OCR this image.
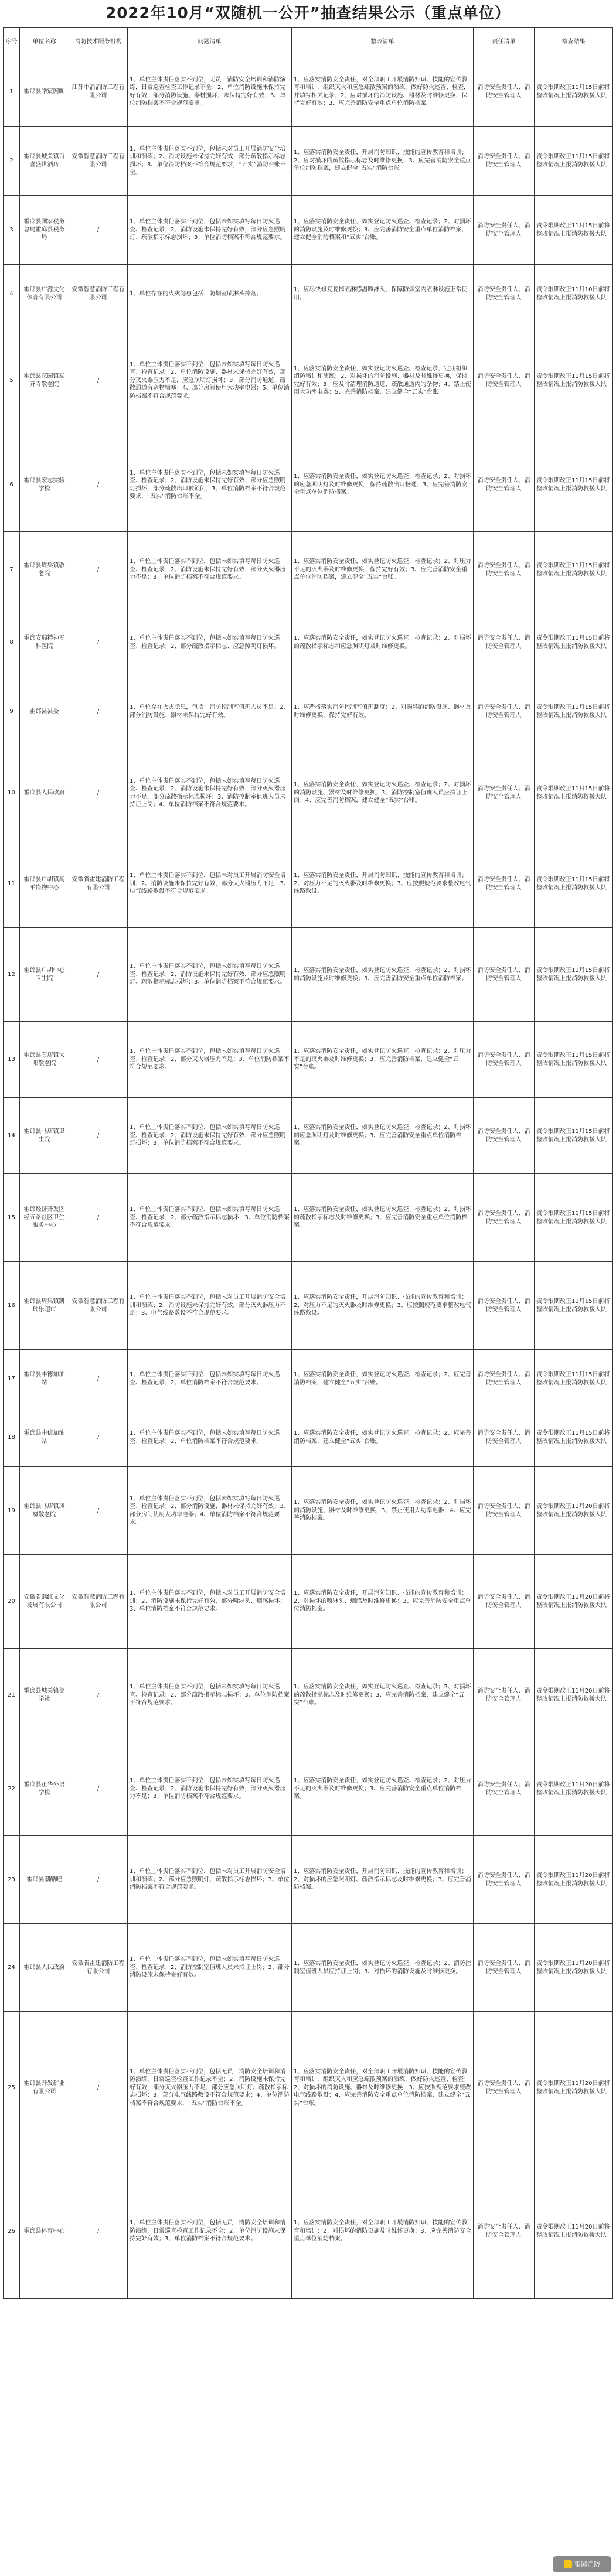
2022年10月“双随机一公开”抽查结果公示（重点单位）
序号	单位名称	消防技术服务机构	问题清单	整改清单	责任清单	检查结果
1	霍邱县皓宸网咖	江苏中消消防工程有限公司	1、单位主体责任落实不到位，无员工消防安全培训和消防演练，日常巡查检查工作记录不全；2、单位消防设施未保持完好有效，部分消防设施、器材损坏，未保持完好有效；3、单位消防档案不符合规范要求。	1、应落实消防安全责任，对全部职工开展消防知识、技能的宣传教育和培训，组织灭火和应急疏散预案的演练，做好防火巡查、检查，并填写相关记录；2、应对损坏的消防设施、器材及时维修更换，保持完好有效；3、应完善消防安全重点单位消防档案。	消防安全责任人、消防安全管理人	责令限期改正11月15日前将整改情况上报消防救援大队
2	霍邱县城关镇百壹盛世酒店	安徽智慧消防工程有限公司	1、单位主体责任落实不到位，包括未对员工开展消防安全培训和演练；2、消防设施未保持完好有效，部分疏散指示标志损坏；3、单位消防档案不符合规范要求，“五实”消防台账不全。	1、应落实消防安全责任，开展消防知识、技能的宣传教育和培训；2、应对损坏的疏散指示标志及时维修更换；3、应完善消防安全重点单位消防档案，建立健全“五实”消防台账。	消防安全责任人、消防安全管理人	责令限期改正11月15日前将整改情况上报消防救援大队
3	霍邱县国家税务总局霍邱县税务局	/	1、单位主体责任落实不到位，包括未如实填写每日防火巡查、检查记录；2、消防设施未保持完好有效，部分应急照明灯、疏散指示标志损坏；3、单位消防档案不符合规范要求。	1、应落实消防安全责任，如实登记防火巡查、检查记录；2、对损坏的消防设施及时维修更换；3、应完善消防安全重点单位消防档案，建立健全消防档案和“五实”台账。	消防安全责任人、消防安全管理人	责令限期改正11月15日前将整改情况上报消防救援大队
4	霍邱县广源文化体育有限公司	安徽智慧消防工程有限公司	1、单位存在的火灾隐患包括，防烟室喷淋头掉落。	1、应尽快修复脱掉喷淋感温喷淋头，保障防烟室内喷淋设施正常使用。	消防安全责任人、消防安全管理人	责令限期改正11月10日前将整改情况上报消防救援大队
5	霍邱县花园镇高齐寺敬老院	/	1、单位主体责任落实不到位，包括未如实填写每日防火巡查、检查记录；2、单位消防设施、器材未保持完好有效，部分灭火器压力不足，应急照明灯损坏；3、部分消防通道、疏散通道有杂物堵塞；4、部分房间使用大功率电器；5、单位消防档案不符合规范要求。	1、应落实消防安全责任，如实登记防火巡查、检查记录，定期组织消防培训和演练；2、对损坏的消防设施、器材及时维修更换，保持完好有效；3、应及时清理消防通道、疏散通道内的杂物；4、禁止使用大功率电器；5、完善消防档案，建立健全“五实”台账。	消防安全责任人、消防安全管理人	责令限期改正11月15日前将整改情况上报消防救援大队
6	霍邱县宏志实验学校	/	1、单位主体责任落实不到位，包括未如实填写每日防火巡查、检查记录；2、消防设施未保持完好有效，部分应急照明灯损坏，部分疏散出口被锁闭；3、单位消防档案不符合规范要求，“五实”消防台账不全。	1、应落实消防安全责任，如实登记防火巡查、检查记录；2、对损坏的应急照明灯及时维修更换，保持疏散出口畅通；3、应完善消防安全重点单位消防档案。	消防安全责任人、消防安全管理人	责令限期改正11月15日前将整改情况上报消防救援大队
7	霍邱县周集镇敬老院	/	1、单位主体责任落实不到位，包括未如实填写每日防火巡查、检查记录；2、消防设施未保持完好有效，部分灭火器压力不足；3、单位消防档案不符合规范要求。	1、应落实消防安全责任，如实登记防火巡查、检查记录；2、对压力不足的灭火器及时维修更换，保持完好有效；3、应完善消防安全重点单位消防档案，建立健全“五实”台账。	消防安全责任人、消防安全管理人	责令限期改正11月15日前将整改情况上报消防救援大队
8	霍邱安瑞精神专科医院	/	1、单位主体责任落实不到位，包括未如实填写每日防火巡查、检查记录；2、部分疏散指示标志、应急照明灯损坏。	1、应落实消防安全责任，如实登记防火巡查、检查记录；2、对损坏的疏散指示标志和应急照明灯及时维修更换。	消防安全责任人、消防安全管理人	责令限期改正11月15日前将整改情况上报消防救援大队
9	霍邱县县委	/	1、单位存在火灾隐患，包括：消防控制室值班人员不足；2、部分消防设施、器材未保持完好有效。	1、应严格落实消防控制室值班制度；2、对损坏的消防设施、器材及时维修更换，保持完好有效。	消防安全责任人、消防安全管理人	责令限期改正11月15日前将整改情况上报消防救援大队
10	霍邱县人民政府	/	1、单位主体责任落实不到位，包括未如实填写每日防火巡查、检查记录；2、消防设施未保持完好有效，部分灭火器压力不足，部分疏散指示标志损坏；3、消防控制室值班人员未持证上岗；4、单位消防档案不符合规范要求。	1、应落实消防安全责任，如实登记防火巡查、检查记录；2、对损坏的消防设施、器材及时维修更换；3、消防控制室值班人员应持证上岗；4、应完善消防档案，建立健全“五实”台账。	消防安全责任人、消防安全管理人	责令限期改正11月15日前将整改情况上报消防救援大队
11	霍邱县户胡镇高平岗物中心	安徽省霍建消防工程有限公司	1、单位主体责任落实不到位，包括未对员工开展消防安全培训；2、消防设施未保持完好有效，部分灭火器压力不足；3、电气线路敷设不符合规范要求。	1、应落实消防安全责任，开展消防知识、技能的宣传教育和培训；2、对压力不足的灭火器及时维修更换；3、应按照规范要求整改电气线路敷设。	消防安全责任人、消防安全管理人	责令限期改正11月15日前将整改情况上报消防救援大队
12	霍邱县户胡中心卫生院	/	1、单位主体责任落实不到位，包括未如实填写每日防火巡查、检查记录；2、消防设施未保持完好有效，部分应急照明灯、疏散指示标志损坏；3、单位消防档案不符合规范要求。	1、应落实消防安全责任，如实登记防火巡查、检查记录；2、对损坏的消防设施及时维修更换；3、应完善消防安全重点单位消防档案。	消防安全责任人、消防安全管理人	责令限期改正11月15日前将整改情况上报消防救援大队
13	霍邱县石店镇太阳敬老院	/	1、单位主体责任落实不到位，包括未如实填写每日防火巡查、检查记录；2、部分灭火器压力不足；3、单位消防档案不符合规范要求。	1、应落实消防安全责任，如实登记防火巡查、检查记录；2、对压力不足的灭火器及时维修更换；3、应完善消防档案，建立健全“五实”台账。	消防安全责任人、消防安全管理人	责令限期改正11月15日前将整改情况上报消防救援大队
14	霍邱县马店镇卫生院	/	1、单位主体责任落实不到位，包括未如实填写每日防火巡查、检查记录；2、消防设施未保持完好有效，部分应急照明灯损坏；3、单位消防档案不符合规范要求。	1、应落实消防安全责任，如实登记防火巡查、检查记录；2、对损坏的应急照明灯及时维修更换；3、应完善消防安全重点单位消防档案。	消防安全责任人、消防安全管理人	责令限期改正11月15日前将整改情况上报消防救援大队
15	霍邱经济开发区经五路社区卫生服务中心	/	1、单位主体责任落实不到位，包括未如实填写每日防火巡查、检查记录；2、部分疏散指示标志损坏；3、单位消防档案不符合规范要求。	1、应落实消防安全责任，如实登记防火巡查、检查记录；2、对损坏的疏散指示标志及时维修更换；3、应完善消防安全重点单位消防档案。	消防安全责任人、消防安全管理人	责令限期改正11月15日前将整改情况上报消防救援大队
16	霍邱县周集镇凯瑞乐超市	安徽智慧消防工程有限公司	1、单位主体责任落实不到位，包括未对员工开展消防安全培训和演练；2、消防设施未保持完好有效，部分灭火器压力不足；3、电气线路敷设不符合规范要求。	1、应落实消防安全责任，开展消防知识、技能的宣传教育和培训；2、对压力不足的灭火器及时维修更换；3、应按照规范要求整改电气线路敷设。	消防安全责任人、消防安全管理人	责令限期改正11月15日前将整改情况上报消防救援大队
17	霍邱县丰德加油站	/	1、单位主体责任落实不到位，包括未如实填写每日防火巡查、检查记录；2、单位消防档案不符合规范要求。	1、应落实消防安全责任，如实登记防火巡查、检查记录；2、应完善消防档案，建立健全“五实”台账。	消防安全责任人、消防安全管理人	责令限期改正11月15日前将整改情况上报消防救援大队
18	霍邱县中信加油站	/	1、单位主体责任落实不到位，包括未如实填写每日防火巡查、检查记录；2、单位消防档案不符合规范要求。	1、应落实消防安全责任，如实登记防火巡查、检查记录；2、应完善消防档案，建立健全“五实”台账。	消防安全责任人、消防安全管理人	责令限期改正11月15日前将整改情况上报消防救援大队
19	霍邱县马店镇凤凰敬老院	/	1、单位主体责任落实不到位，包括未如实填写每日防火巡查、检查记录；2、部分消防设施、器材未保持完好有效；3、部分房间使用大功率电器；4、单位消防档案不符合规范要求。	1、应落实消防安全责任，如实登记防火巡查、检查记录；2、对损坏的消防设施、器材及时维修更换；3、禁止使用大功率电器；4、应完善消防档案。	消防安全责任人、消防安全管理人	责令限期改正11月20日前将整改情况上报消防救援大队
20	安徽省燕红文化发展有限公司	安徽智慧消防工程有限公司	1、单位主体责任落实不到位，包括未对员工开展消防安全培训；2、消防设施未保持完好有效，部分喷淋头、烟感损坏；3、单位消防档案不符合规范要求。	1、应落实消防安全责任，开展消防知识、技能的宣传教育和培训；2、对损坏的喷淋头、烟感及时维修更换；3、应完善消防安全重点单位消防档案。	消防安全责任人、消防安全管理人	责令限期改正11月20日前将整改情况上报消防救援大队
21	霍邱县城关镇美学社	/	1、单位主体责任落实不到位，包括未如实填写每日防火巡查、检查记录；2、部分疏散指示标志损坏；3、单位消防档案不符合规范要求。	1、应落实消防安全责任，如实登记防火巡查、检查记录；2、对损坏的疏散指示标志及时维修更换；3、应完善消防档案，建立健全“五实”台账。	消防安全责任人、消防安全管理人	责令限期改正11月20日前将整改情况上报消防救援大队
22	霍邱县正华外语学校	/	1、单位主体责任落实不到位，包括未如实填写每日防火巡查、检查记录；2、消防设施未保持完好有效，部分灭火器压力不足；3、单位消防档案不符合规范要求。	1、应落实消防安全责任，如实登记防火巡查、检查记录；2、对压力不足的灭火器及时维修更换；3、应完善消防安全重点单位消防档案。	消防安全责任人、消防安全管理人	责令限期改正11月20日前将整改情况上报消防救援大队
23	霍邱县潮酷吧	/	1、单位主体责任落实不到位，包括未对员工开展消防安全培训和演练；2、部分应急照明灯、疏散指示标志损坏；3、单位消防档案不符合规范要求。	1、应落实消防安全责任，开展消防知识、技能的宣传教育和培训；2、对损坏的应急照明灯、疏散指示标志及时维修更换；3、应完善消防档案。	消防安全责任人、消防安全管理人	责令限期改正11月20日前将整改情况上报消防救援大队
24	霍邱县人民政府	安徽省霍建消防工程有限公司	1、单位主体责任落实不到位，包括未如实填写每日防火巡查、检查记录；2、消防控制室值班人员未持证上岗；3、部分消防设施未保持完好有效。	1、应落实消防安全责任，如实登记防火巡查、检查记录；2、消防控制室值班人员应持证上岗；3、对损坏的消防设施及时维修更换。	消防安全责任人、消防安全管理人	责令限期改正11月20日前将整改情况上报消防救援大队
25	霍邱县开发矿业有限公司	/	1、单位主体责任落实不到位，包括无员工消防安全培训和消防演练，日常巡查检查工作记录不全；2、消防设施未保持完好有效，部分灭火器压力不足，部分应急照明灯、疏散指示标志损坏；3、部分电气线路敷设不符合规范要求；4、单位消防档案不符合规范要求，“五实”消防台账不全。	1、应落实消防安全责任，对全部职工开展消防知识、技能的宣传教育和培训，组织灭火和应急疏散预案的演练，做好防火巡查、检查；2、对损坏的消防设施、器材及时维修更换；3、应按照规范要求整改电气线路敷设；4、应完善消防安全重点单位消防档案，建立健全“五实”台账。	消防安全责任人、消防安全管理人	责令限期改正11月20日前将整改情况上报消防救援大队
26	霍邱县体育中心	/	1、单位主体责任落实不到位，包括无员工消防安全培训和消防演练，日常巡查检查工作记录不全；2、单位消防设施未保持完好有效；3、单位消防档案不符合规范要求。	1、应落实消防安全责任，对全部职工开展消防知识、技能的宣传教育和培训；2、对损坏的消防设施及时维修更换；3、应完善消防安全重点单位消防档案。	消防安全责任人、消防安全管理人	责令限期改正11月20日前将整改情况上报消防救援大队
霍邱消防
